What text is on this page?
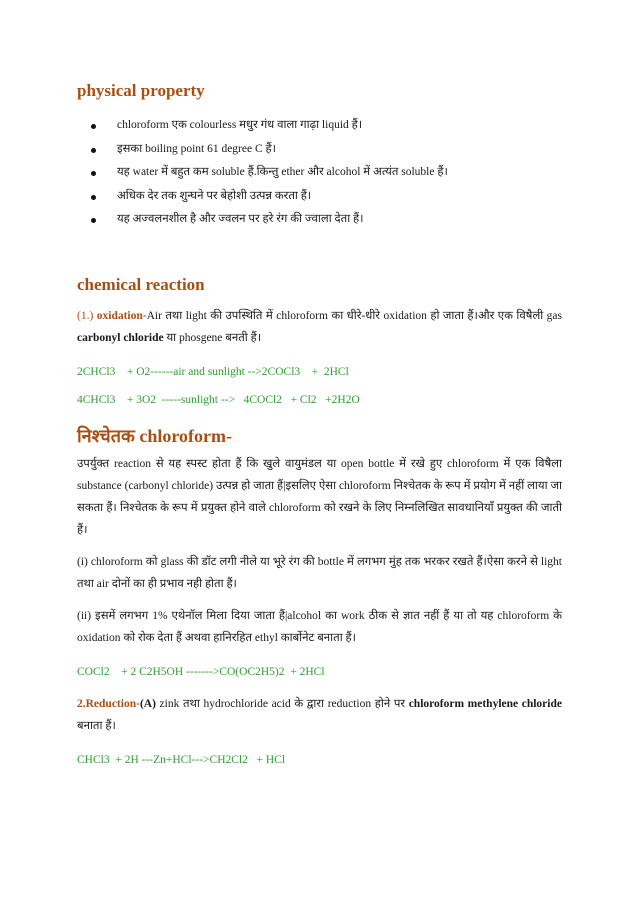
physical property
chloroform एक colourless मधुर गंध वाला गाढ़ा liquid हैं।
इसका boiling point 61 degree C हैं।
यह water में बहुत कम soluble हैं.किन्तु ether और alcohol में अत्यंत soluble हैं।
अधिक देर तक शुन्घने पर बेहोशी उत्पन्न करता हैं।
यह अज्वलनशील है और ज्वलन पर हरे रंग की ज्वाला देता हैं।
chemical reaction

(1.) oxidation-Air तथा light की उपस्थिति में chloroform का धीरे-धीरे oxidation हो जाता हैं।और एक विषैली gas carbonyl chloride या phosgene बनती हैं।

2CHCl3    + O2------air and sunlight -->2COCl3    +  2HCl
4CHCl3    + 3O2  -----sunlight -->   4COCl2   + Cl2   +2H2O
निश्चेतक chloroform-

उपर्युक्त reaction से यह स्पस्ट होता हैं कि खुले वायुमंडल या open bottle में रखे हुए chloroform में एक विषैला substance (carbonyl chloride) उत्पन्न हो जाता हैं|इसलिए ऐसा chloroform निश्चेतक के रूप में प्रयोग में नहीं लाया जा सकता हैं। निश्चेतक के रूप में प्रयुक्त होने वाले chloroform को रखने के लिए निम्नलिखित सावधानियाँ प्रयुक्त की जाती हैं।

(i) chloroform को glass की डॉट लगी नीले या भूरे रंग की bottle में लगभग मुंह तक भरकर रखते हैं।ऐसा करने से light तथा air दोनों का ही प्रभाव नही होता हैं।

(ii) इसमें लगभग 1% एथेनॉल मिला दिया जाता हैं|alcohol का work ठीक से ज्ञात नहीं हैं या तो यह chloroform के oxidation को रोक देता हैं अथवा हानिरहित ethyl कार्बोनेट बनाता हैं।

COCl2    + 2 C2H5OH ------->CO(OC2H5)2  + 2HCl

2.Reduction-(A) zink तथा hydrochloride acid के द्वारा reduction होने पर chloroform methylene chloride बनाता हैं।

CHCl3  + 2H ---Zn+HCl--->CH2Cl2   + HCl
